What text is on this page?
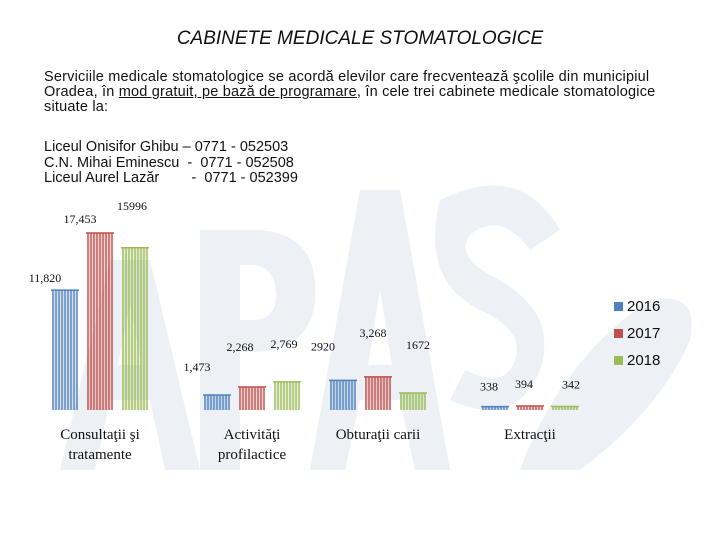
CABINETE MEDICALE STOMATOLOGICE
Serviciile medicale stomatologice se acordă elevilor care frecventează şcolile din municipiul Oradea, în mod gratuit, pe bază de programare, în cele trei cabinete medicale stomatologice situate la:
Liceul Onisifor Ghibu – 0771 - 052503
C.N. Mihai Eminescu  -  0771 - 052508
Liceul Aurel Lazăr        -  0771 - 052399
11,820
17,453
15996
Consultaţii şi
tratamente
1,473
2,268 2,769
Activităţi
profilactice
2920
3,268
1672
Obturaţii carii
338 394 342
Extracţii
2016
2017
2018
